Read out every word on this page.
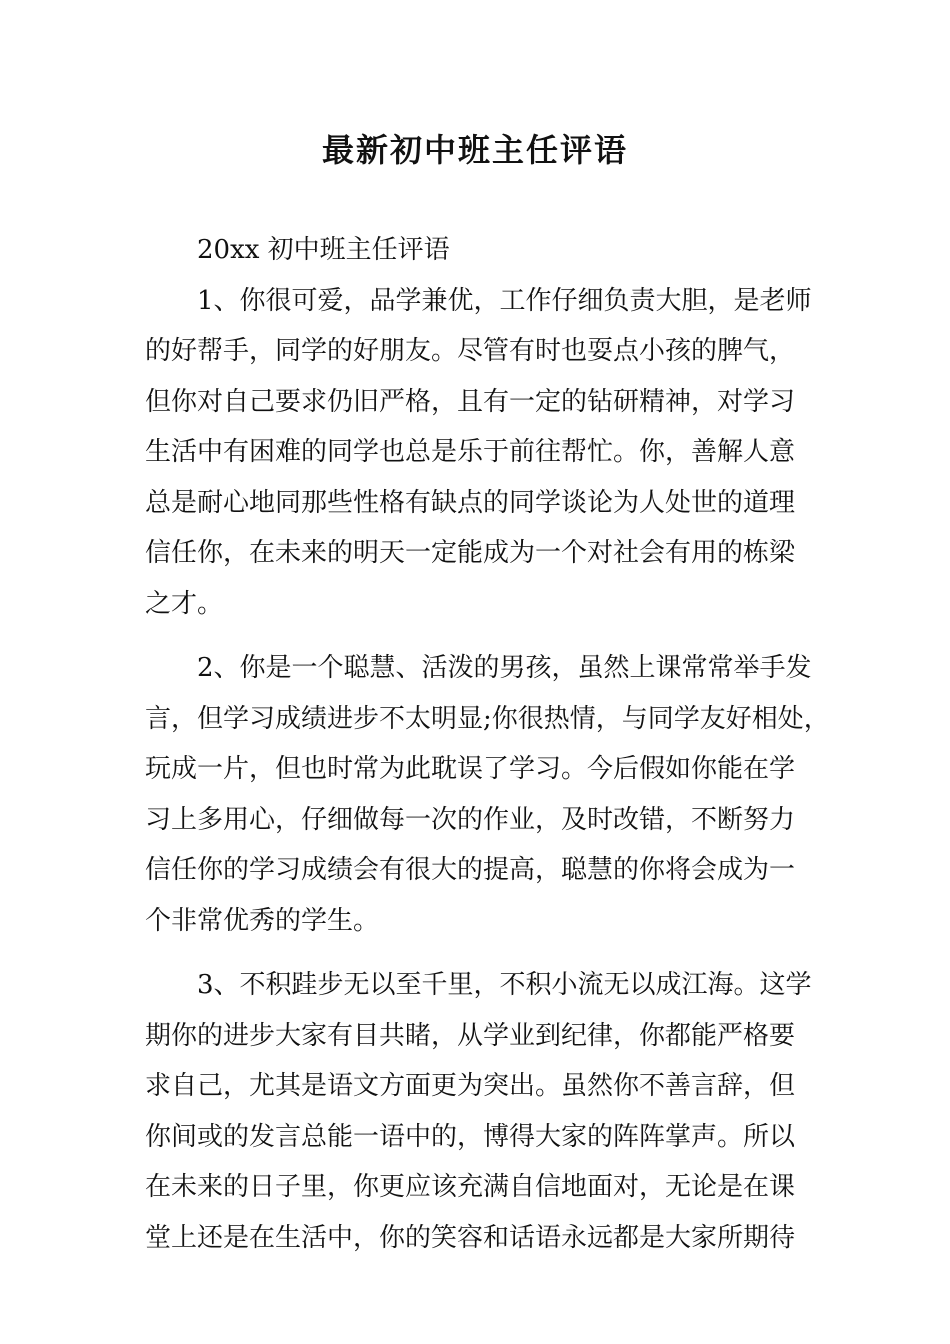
最新初中班主任评语
20xx 初中班主任评语
1、你很可爱，品学兼优，工作仔细负责大胆，是老师
的好帮手，同学的好朋友。尽管有时也耍点小孩的脾气，
但你对自己要求仍旧严格，且有一定的钻研精神，对学习
生活中有困难的同学也总是乐于前往帮忙。你，善解人意
总是耐心地同那些性格有缺点的同学谈论为人处世的道理
信任你，在未来的明天一定能成为一个对社会有用的栋梁
之才。
2、你是一个聪慧、活泼的男孩，虽然上课常常举手发
言，但学习成绩进步不太明显;你很热情，与同学友好相处，
玩成一片，但也时常为此耽误了学习。今后假如你能在学
习上多用心，仔细做每一次的作业，及时改错，不断努力
信任你的学习成绩会有很大的提高，聪慧的你将会成为一
个非常优秀的学生。
3、不积跬步无以至千里，不积小流无以成江海。这学
期你的进步大家有目共睹，从学业到纪律，你都能严格要
求自己，尤其是语文方面更为突出。虽然你不善言辞，但
你间或的发言总能一语中的，博得大家的阵阵掌声。所以
在未来的日子里，你更应该充满自信地面对，无论是在课
堂上还是在生活中，你的笑容和话语永远都是大家所期待
